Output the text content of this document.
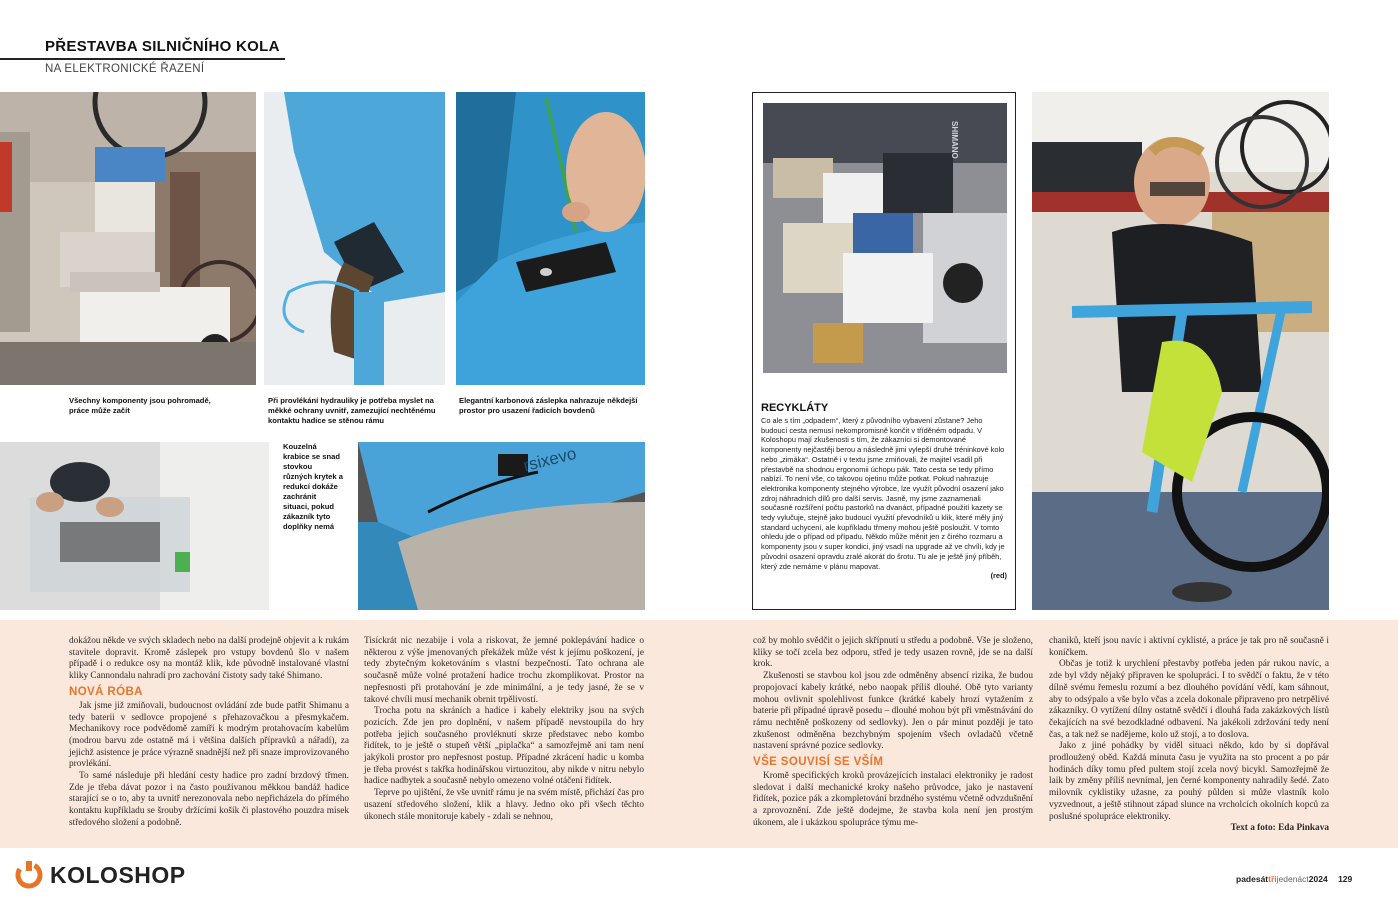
PŘESTAVBA SILNIČNÍHO KOLA
NA ELEKTRONICKÉ ŘAZENÍ
Všechny komponenty jsou pohromadě, práce může začít
Při provlékání hydrauliky je potřeba myslet na měkké ochrany uvnitř, zamezující nechtěnému kontaktu hadice se stěnou rámu
Elegantní karbonová záslepka nahrazuje někdejší prostor pro usazení řadicích bovdenů
Kouzelná krabice se snad stovkou různých krytek a redukcí dokáže zachránit situaci, pokud zákazník tyto doplňky nemá
rsixevo
SHIMANO
RECYKLÁTY
Co ale s tím „odpadem“, který z původního vybavení zůstane? Jeho budoucí cesta nemusí nekompromisně končit v tříděném odpadu. V Koloshopu mají zkušenosti s tím, že zákazníci si demontované komponenty nejčastěji berou a následně jimi vylepší druhé tréninkové kolo nebo „zimáka“. Ostatně i v textu jsme zmiňovali, že majitel vsadil při přestavbě na shodnou ergonomii úchopu pák. Tato cesta se tedy přímo nabízí. To není vše, co takovou ojetinu může potkat. Pokud nahrazuje elektronika komponenty stejného výrobce, lze využít původní osazení jako zdroj náhradních dílů pro další servis. Jasně, my jsme zaznamenali současné rozšíření počtu pastorků na dvanáct, případné použití kazety se tedy vylučuje, stejně jako budoucí využití převodníků u klik, které měly jiný standard uchycení, ale kupříkladu třmeny mohou ještě posloužit. V tomto ohledu jde o případ od případu. Někdo může měnit jen z čirého rozmaru a komponenty jsou v super kondici, jiný vsadí na upgrade až ve chvíli, kdy je původní osazení opravdu zralé akorát do šrotu. Tu ale je ještě jiný příběh, který zde nemáme v plánu mapovat.
(red)

dokážou někde ve svých skladech nebo na další prodejně objevit a k rukám stavitele dopravit. Kromě záslepek pro vstupy bovdenů šlo v našem případě i o redukce osy na montáž klik, kde původně instalované vlastní kliky Cannondalu nahradí pro zachování čistoty sady také Shimano.

NOVÁ RÓBA

Jak jsme již zmiňovali, budoucnost ovládání zde bude patřit Shimanu a tedy baterii v sedlovce propojené s přehazovačkou a přesmykačem. Mechanikovy roce podvědomě zamíří k modrým protahovacím kabelům (modrou barvu zde ostatně má i většina dalších přípravků a nářadí), za jejichž asistence je práce výrazně snadnější než při snaze improvizovaného provlékání.

To samé následuje při hledání cesty hadice pro zadní brzdový třmen. Zde je třeba dávat pozor i na často používanou měkkou bandáž hadice starající se o to, aby ta uvnitř nerezonovala nebo nepřicházela do přímého kontaktu kupříkladu se šrouby držícími košík či plastového pouzdra misek středového složení a podobně.

Tisíckrát nic nezabije i vola a riskovat, že jemné poklepávání hadice o některou z výše jmenovaných překážek může vést k jejímu poškození, je tedy zbytečným koketováním s vlastní bezpečností. Tato ochrana ale současně může volné protažení hadice trochu zkomplikovat. Prostor na nepřesnosti při protahování je zde minimální, a je tedy jasné, že se v takové chvíli musí mechanik obrnit trpělivostí.

Trocha potu na skráních a hadice i kabely elektriky jsou na svých pozicích. Zde jen pro doplnění, v našem případě nevstoupila do hry potřeba jejich současného provléknutí skrze představec nebo kombo řidítek, to je ještě o stupeň větší „piplačka“ a samozřejmě ani tam není jakýkoli prostor pro nepřesnost postup. Případné zkrácení hadic u komba je třeba provést s takřka hodinářskou virtuozitou, aby nikde v nitru nebylo hadice nadbytek a současně nebylo omezeno volné otáčení řidítek.

Teprve po ujištění, že vše uvnitř rámu je na svém místě, přichází čas pro usazení středového složení, klik a hlavy. Jedno oko při všech těchto úkonech stále monitoruje kabely - zdali se nehnou,

což by mohlo svědčit o jejich skřípnutí u středu a podobně. Vše je složeno, kliky se točí zcela bez odporu, střed je tedy usazen rovně, jde se na další krok.

Zkušenosti se stavbou kol jsou zde odměněny absencí rizika, že budou propojovací kabely krátké, nebo naopak příliš dlouhé. Obě tyto varianty mohou ovlivnit spolehlivost funkce (krátké kabely hrozí vytažením z baterie při případné úpravě posedu – dlouhé mohou být při vměstnávání do rámu nechtěně poškozeny od sedlovky). Jen o pár minut později je tato zkušenost odměněna bezchybným spojením všech ovladačů včetně nastavení správné pozice sedlovky.

VŠE SOUVISÍ SE VŠÍM

Kromě specifických kroků provázejících instalaci elektroniky je radost sledovat i další mechanické kroky našeho průvodce, jako je nastavení řidítek, pozice pák a zkompletování brzdného systému včetně odvzdušnění a zprovoznění. Zde ještě dodejme, že stavba kola není jen prostým úkonem, ale i ukázkou spolupráce týmu me-

chaniků, kteří jsou navíc i aktivní cyklisté, a práce je tak pro ně současně i koníčkem.

Občas je totiž k urychlení přestavby potřeba jeden pár rukou navíc, a zde byl vždy nějaký připraven ke spolupráci. I to svědčí o faktu, že v této dílně svému řemeslu rozumí a bez dlouhého povídání vědí, kam sáhnout, aby to odsýpalo a vše bylo včas a zcela dokonale připraveno pro netrpělivé zákazníky. O vytížení dílny ostatně svědčí i dlouhá řada zakázkových lístů čekajících na své bezodkladné odbavení. Na jakékoli zdržování tedy není čas, a tak než se nadějeme, kolo už stojí, a to doslova.

Jako z jiné pohádky by viděl situaci někdo, kdo by si dopřával prodloužený oběd. Každá minuta času je využita na sto procent a po pár hodinách díky tomu před pultem stojí zcela nový bicykl. Samozřejmě že laik by změny příliš nevnímal, jen černé komponenty nahradily šedé. Zato milovník cyklistiky užasne, za pouhý půlden si může vlastník kolo vyzvednout, a ještě stihnout západ slunce na vrcholcích okolních kopců za poslušné spolupráce elektroniky.

Text a foto: Eda Pinkava
KOLOSHOP	padesáttřijedenáct2024 129
